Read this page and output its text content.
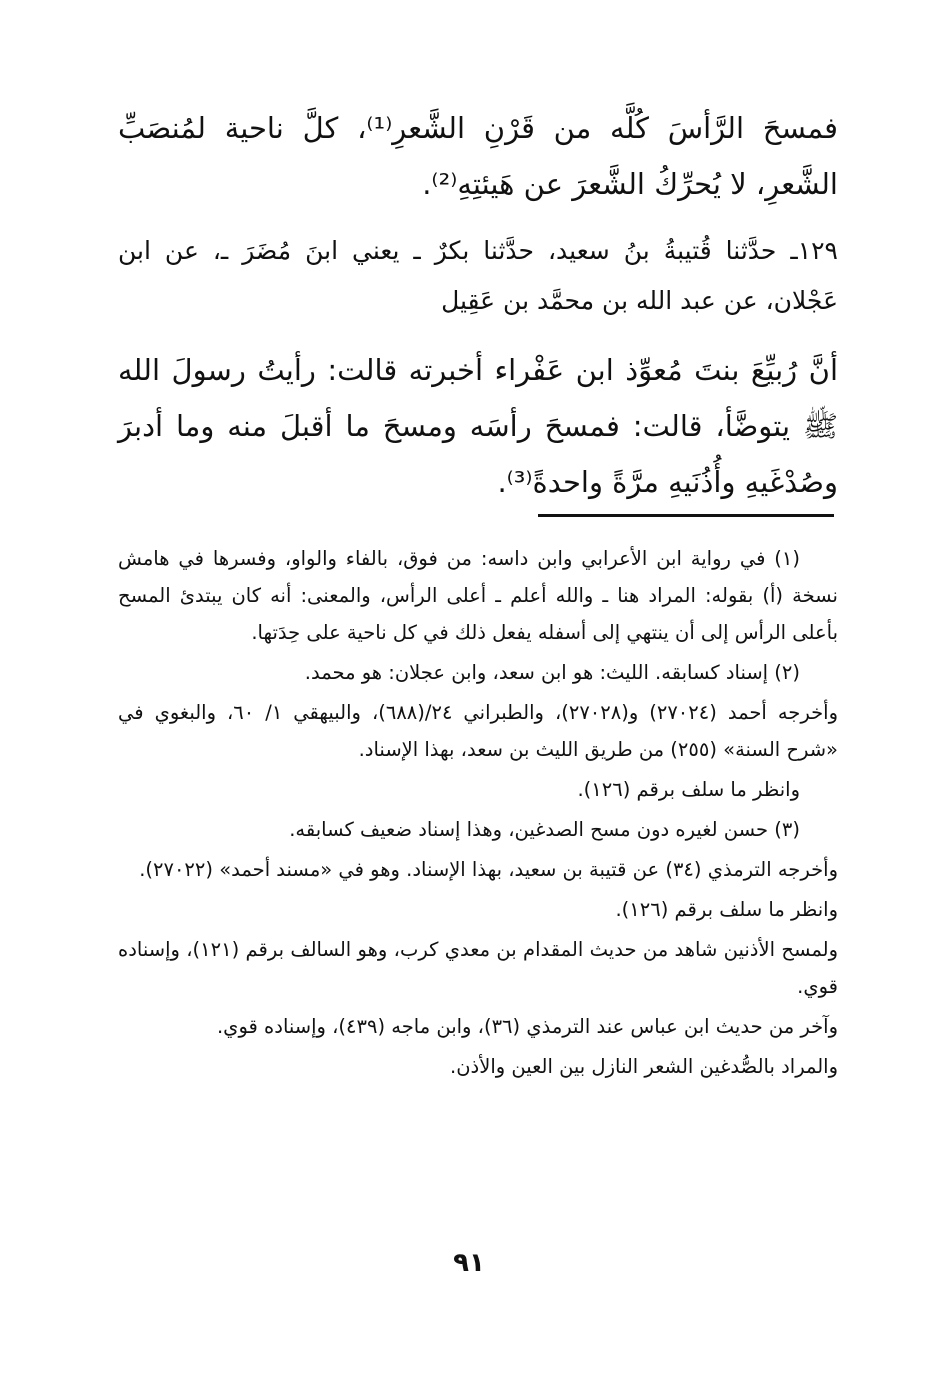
فمسحَ الرَّأسَ كُلَّه من قَرْنِ الشَّعرِ⁽¹⁾، كلَّ ناحية لمُنصَبِّ الشَّعرِ، لا يُحرِّكُ الشَّعرَ عن هَيئتِهِ⁽²⁾.

١٢٩ـ حدَّثنا قُتيبةُ بنُ سعيد، حدَّثنا بكرٌ ـ يعني ابنَ مُضَرَ ـ، عن ابن عَجْلان، عن عبد الله بن محمَّد بن عَقِيل

أنَّ رُبيِّعَ بنتَ مُعوِّذ ابن عَفْراء أخبرته قالت: رأيتُ رسولَ الله ﷺ يتوضَّأ، قالت: فمسحَ رأسَه ومسحَ ما أقبلَ منه وما أدبرَ وصُدْغَيهِ وأُذُنَيهِ مرَّةً واحدةً⁽³⁾.

(١) في رواية ابن الأعرابي وابن داسه: من فوق، بالفاء والواو، وفسرها في هامش نسخة (أ) بقوله: المراد هنا ـ والله أعلم ـ أعلى الرأس، والمعنى: أنه كان يبتدئ المسح بأعلى الرأس إلى أن ينتهي إلى أسفله يفعل ذلك في كل ناحية على حِدَتها.

(٢) إسناد كسابقه. الليث: هو ابن سعد، وابن عجلان: هو محمد.

وأخرجه أحمد (٢٧٠٢٤) و(٢٧٠٢٨)، والطبراني ٢٤/(٦٨٨)، والبيهقي ١/ ٦٠، والبغوي في «شرح السنة» (٢٥٥) من طريق الليث بن سعد، بهذا الإسناد.

وانظر ما سلف برقم (١٢٦).

(٣) حسن لغيره دون مسح الصدغين، وهذا إسناد ضعيف كسابقه.

وأخرجه الترمذي (٣٤) عن قتيبة بن سعيد، بهذا الإسناد. وهو في «مسند أحمد» (٢٧٠٢٢).

وانظر ما سلف برقم (١٢٦).

ولمسح الأذنين شاهد من حديث المقدام بن معدي كرب، وهو السالف برقم (١٢١)، وإسناده قوي.

وآخر من حديث ابن عباس عند الترمذي (٣٦)، وابن ماجه (٤٣٩)، وإسناده قوي.

والمراد بالصُّدغين الشعر النازل بين العين والأذن.

٩١
